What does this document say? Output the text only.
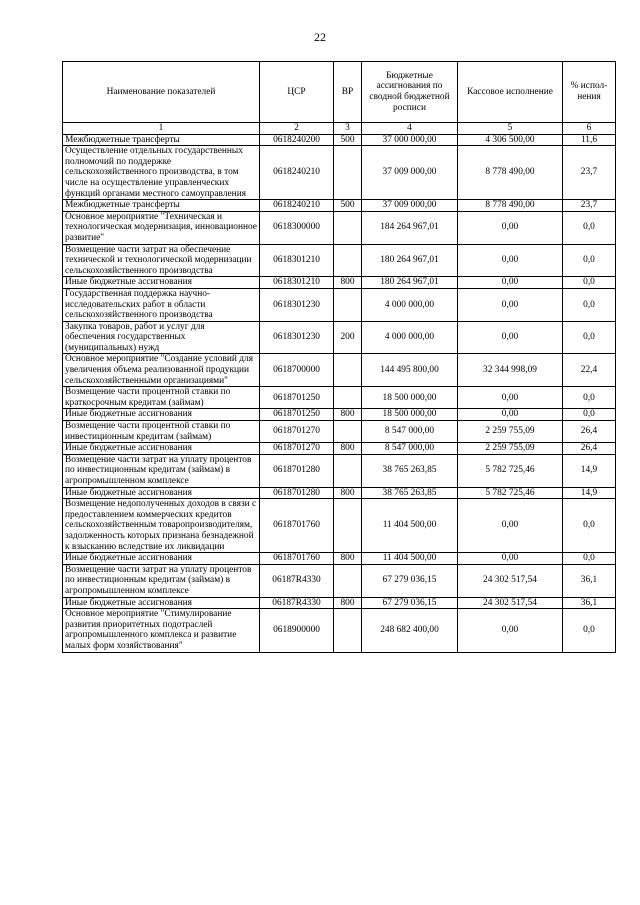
22
Наименование показателей	ЦСР	ВР	Бюджетные ассигнования по сводной бюджетной росписи	Кассовое исполнение	% испол-нения
1	2	3	4	5	6
Межбюджетные трансферты	0618240200	500	37 000 000,00	4 306 500,00	11,6
Осуществление отдельных государственных полномочий по поддержке сельскохозяйственного производства, в том числе на осуществление управленческих функций органами местного самоуправления	0618240210		37 009 000,00	8 778 490,00	23,7
Межбюджетные трансферты	0618240210	500	37 009 000,00	8 778 490,00	23,7
Основное мероприятие "Техническая и технологическая модернизация, инновационное развитие"	0618300000		184 264 967,01	0,00	0,0
Возмещение части затрат на обеспечение технической и технологической модернизации сельскохозяйственного производства	0618301210		180 264 967,01	0,00	0,0
Иные бюджетные ассигнования	0618301210	800	180 264 967,01	0,00	0,0
Государственная поддержка научно-исследовательских работ в области сельскохозяйственного производства	0618301230		4 000 000,00	0,00	0,0
Закупка товаров, работ и услуг для обеспечения государственных (муниципальных) нужд	0618301230	200	4 000 000,00	0,00	0,0
Основное мероприятие "Создание условий для увеличения объема реализованной продукции сельскохозяйственными организациями"	0618700000		144 495 800,00	32 344 998,09	22,4
Возмещение части процентной ставки по краткосрочным кредитам (займам)	0618701250		18 500 000,00	0,00	0,0
Иные бюджетные ассигнования	0618701250	800	18 500 000,00	0,00	0,0
Возмещение части процентной ставки по инвестиционным кредитам (займам)	0618701270		8 547 000,00	2 259 755,09	26,4
Иные бюджетные ассигнования	0618701270	800	8 547 000,00	2 259 755,09	26,4
Возмещение части затрат на уплату процентов по инвестиционным кредитам (займам) в агропромышленном комплексе	0618701280		38 765 263,85	5 782 725,46	14,9
Иные бюджетные ассигнования	0618701280	800	38 765 263,85	5 782 725,46	14,9
Возмещение недополученных доходов в связи с предоставлением коммерческих кредитов сельскохозяйственным товаропроизводителям, задолженность которых признана безнадежной к взысканию вследствие их ликвидации	0618701760		11 404 500,00	0,00	0,0
Иные бюджетные ассигнования	0618701760	800	11 404 500,00	0,00	0,0
Возмещение части затрат на уплату процентов по инвестиционным кредитам (займам) в агропромышленном комплексе	06187R4330		67 279 036,15	24 302 517,54	36,1
Иные бюджетные ассигнования	06187R4330	800	67 279 036,15	24 302 517,54	36,1
Основное мероприятие "Стимулирование развития приоритетных подотраслей агропромышленного комплекса и развитие малых форм хозяйствования"	0618900000		248 682 400,00	0,00	0,0
